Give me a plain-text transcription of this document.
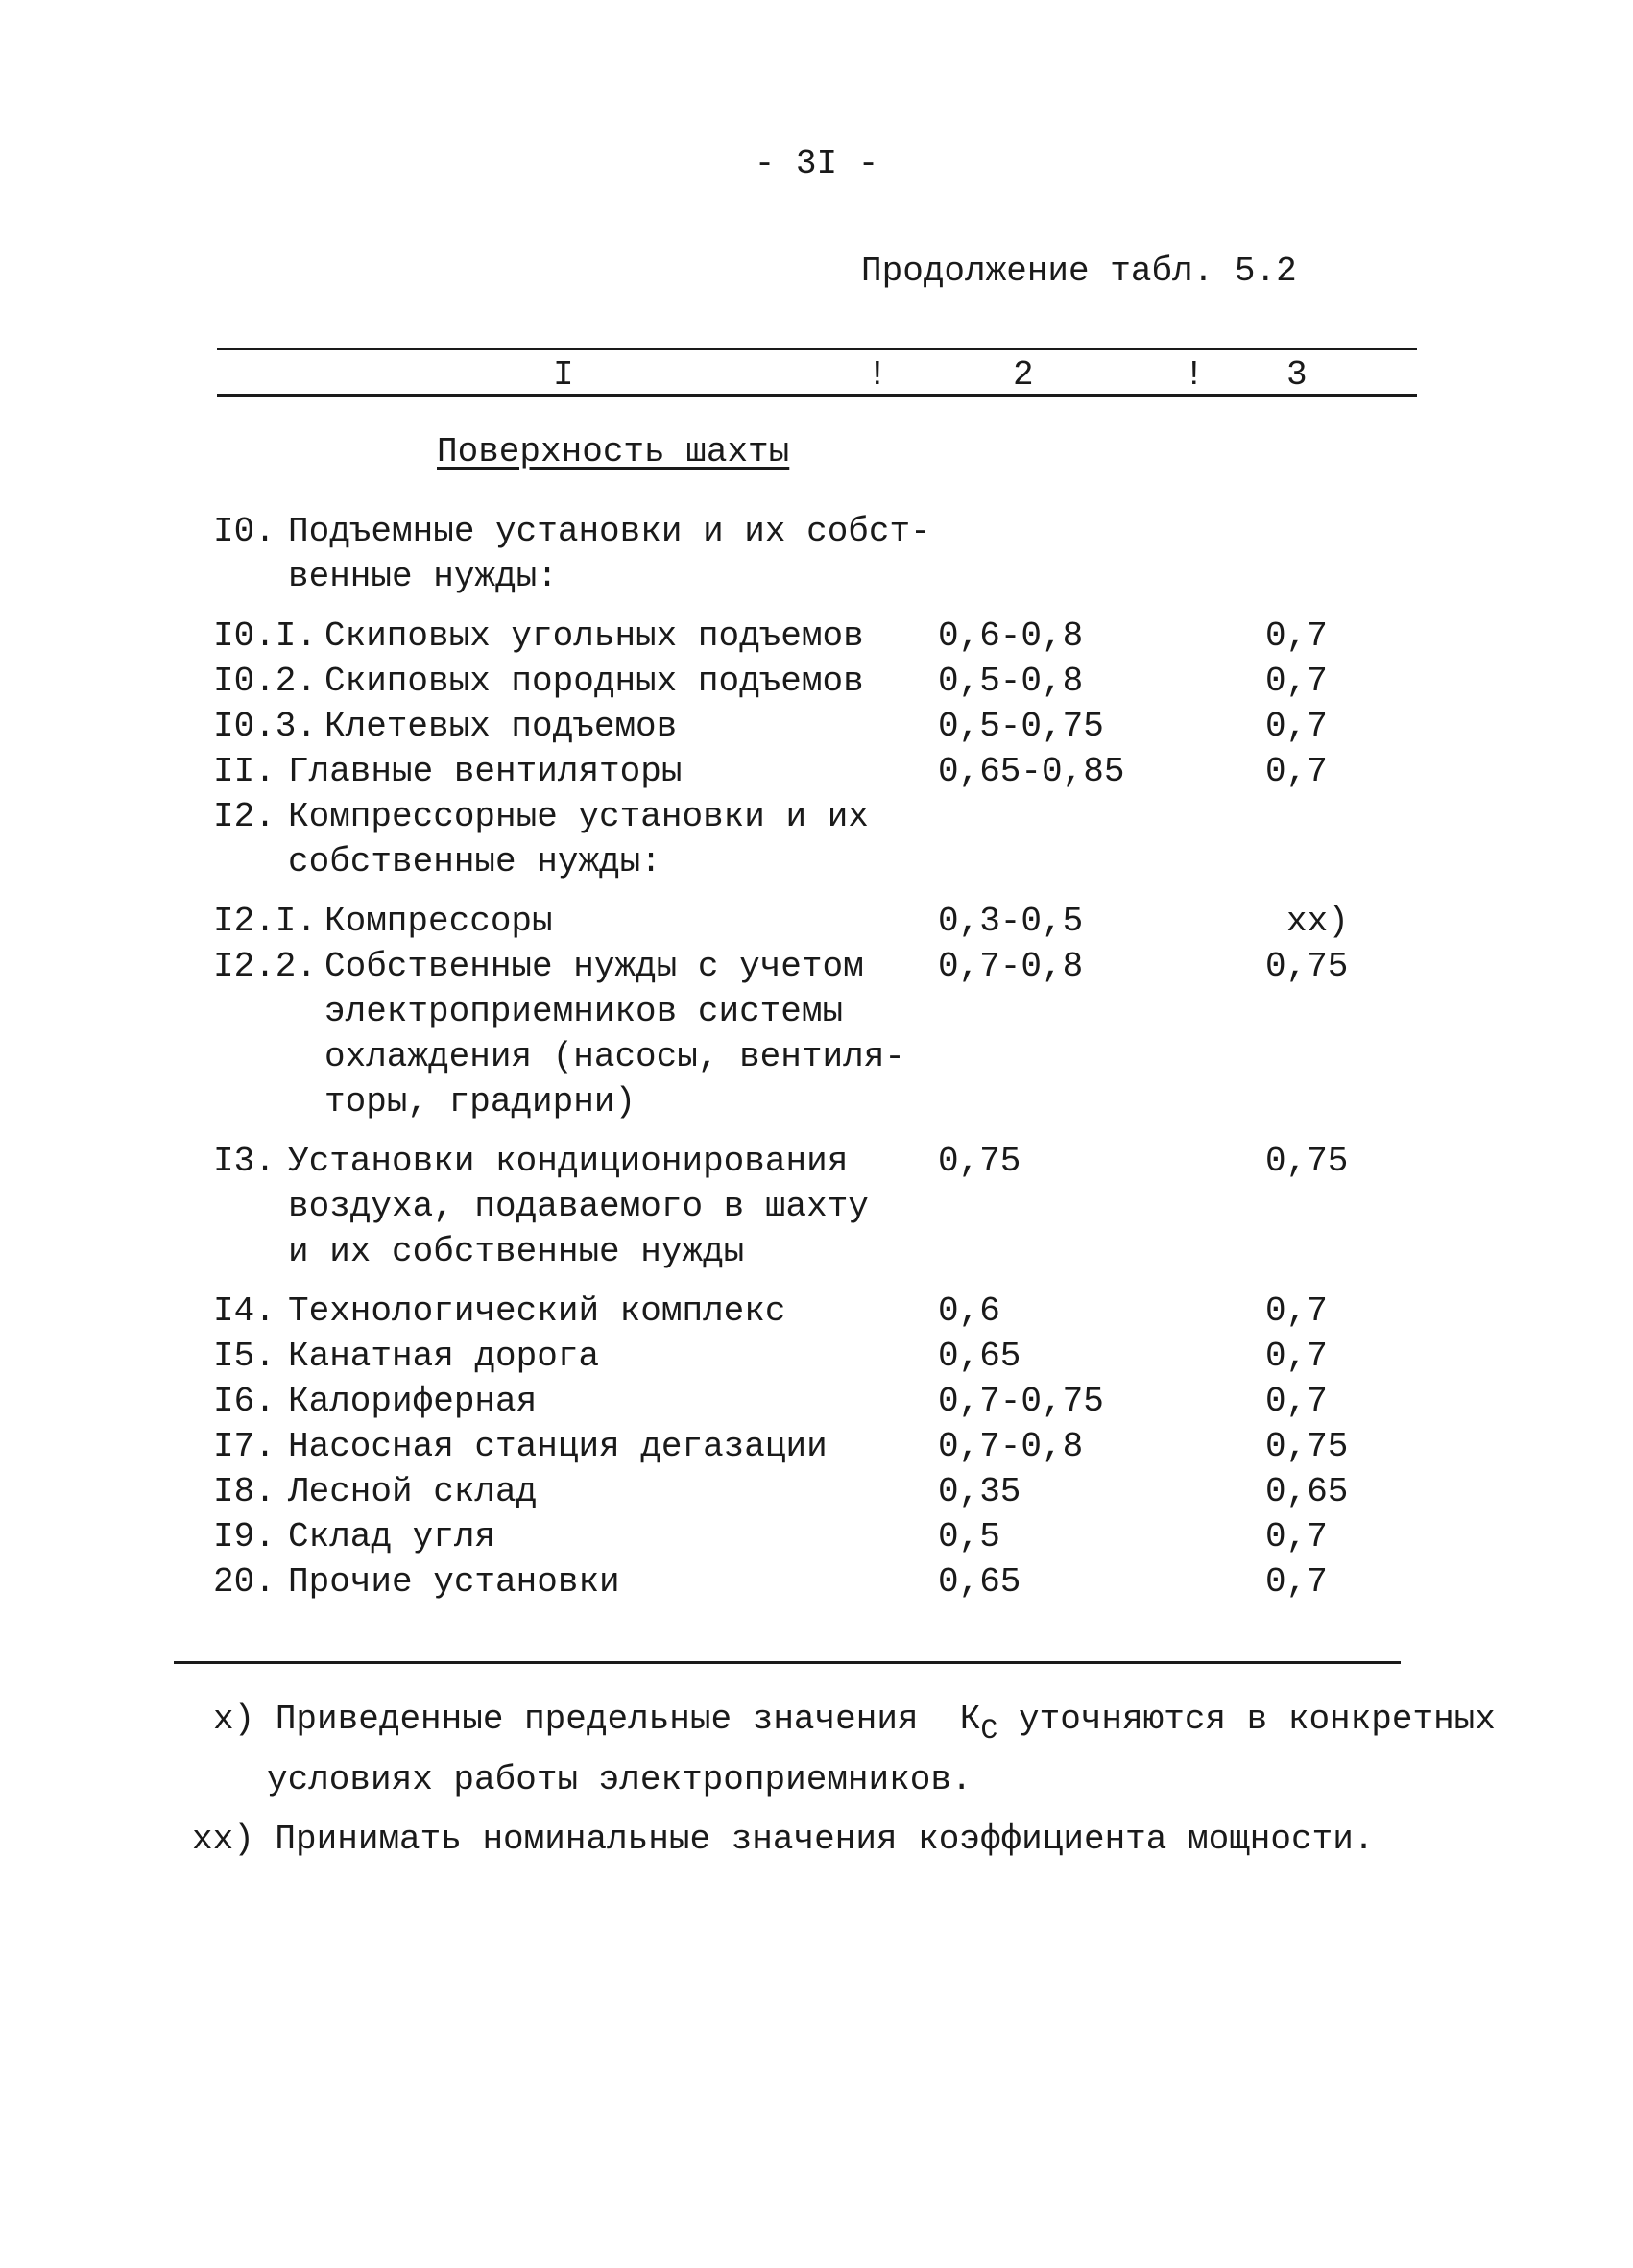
- 3I -
Продолжение табл. 5.2
I	!	2	! 3
Поверхность шахты
I0. Подъемные установки и их собст-
венные нужды:
I0.I. Скиповых угольных подъемов 0,6-0,8	0,7
I0.2. Скиповых породных подъемов 0,5-0,8	0,7
I0.3. Клетевых подъемов	0,5-0,75	0,7
II. Главные вентиляторы	0,65-0,85	0,7
I2. Компрессорные установки и их
собственные нужды:
I2.I. Компрессоры	0,3-0,5	xx)
I2.2. Собственные нужды с учетом
электроприемников системы
охлаждения (насосы, вентиля-
торы, градирни)
0,7-0,8	0,75
I3. Установки кондиционирования
воздуха, подаваемого в шахту
и их собственные нужды
0,75	0,75
I4. Технологический комплекс	0,6	0,7
I5. Канатная дорога	0,65	0,7
I6. Калориферная	0,7-0,75	0,7
I7. Насосная станция дегазации	0,7-0,8	0,75
I8. Лесной склад	0,35	0,65
I9. Склад угля	0,5	0,7
20. Прочие установки	0,65	0,7
x) Приведенные предельные значения $К_С$ уточняются в конкретных
условиях работы электроприемников.
xx) Принимать номинальные значения коэффициента мощности.
